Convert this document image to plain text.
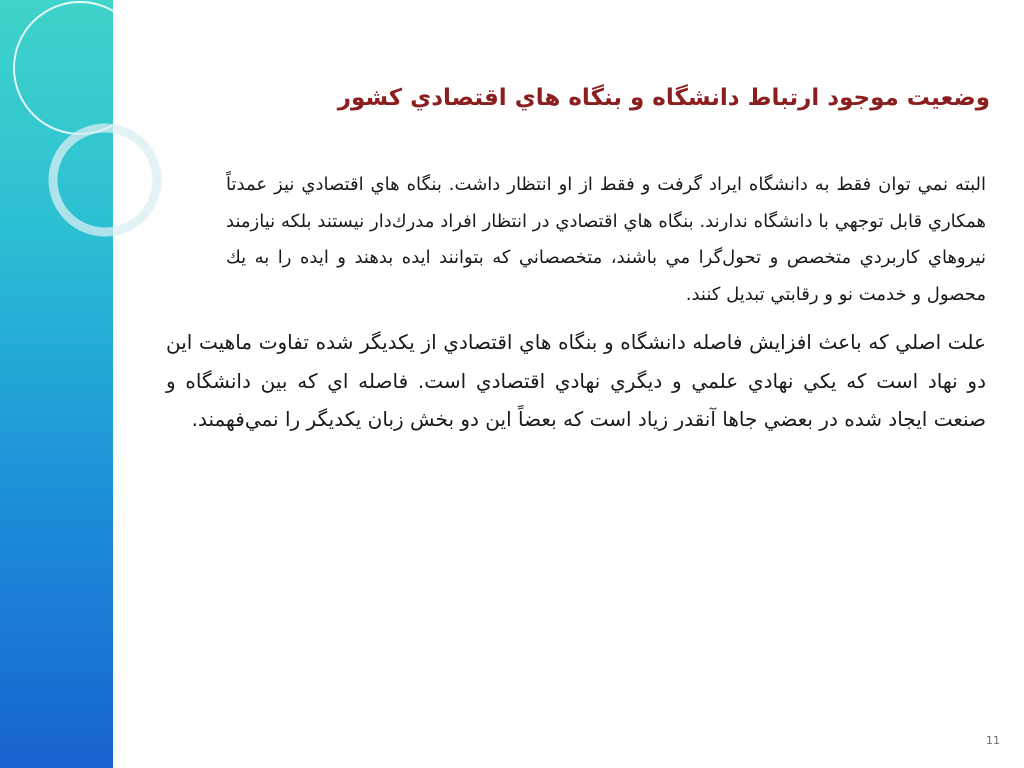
وضعيت موجود ارتباط دانشگاه و بنگاه هاي اقتصادي كشور

البته نمي توان فقط به دانشگاه ايراد گرفت و فقط از او انتظار داشت. بنگاه هاي اقتصادي نيز عمدتاً همكاري قابل توجهي با دانشگاه ندارند. بنگاه هاي اقتصادي در انتظار افراد مدرك‌دار نيستند بلكه نيازمند نيروهاي كاربردي متخصص و تحول‌گرا مي باشند، متخصصاني كه بتوانند ايده بدهند و ايده را به يك محصول و خدمت نو و رقابتي تبديل كنند.

علت اصلي كه باعث افزايش فاصله دانشگاه و بنگاه هاي اقتصادي از يكديگر شده تفاوت ماهيت اين دو نهاد است كه يكي نهادي علمي و ديگري نهادي اقتصادي است. فاصله اي كه بين دانشگاه و صنعت ايجاد شده در بعضي جاها آنقدر زياد است كه بعضاً اين دو بخش زبان يكديگر را نمي‌فهمند.

11
